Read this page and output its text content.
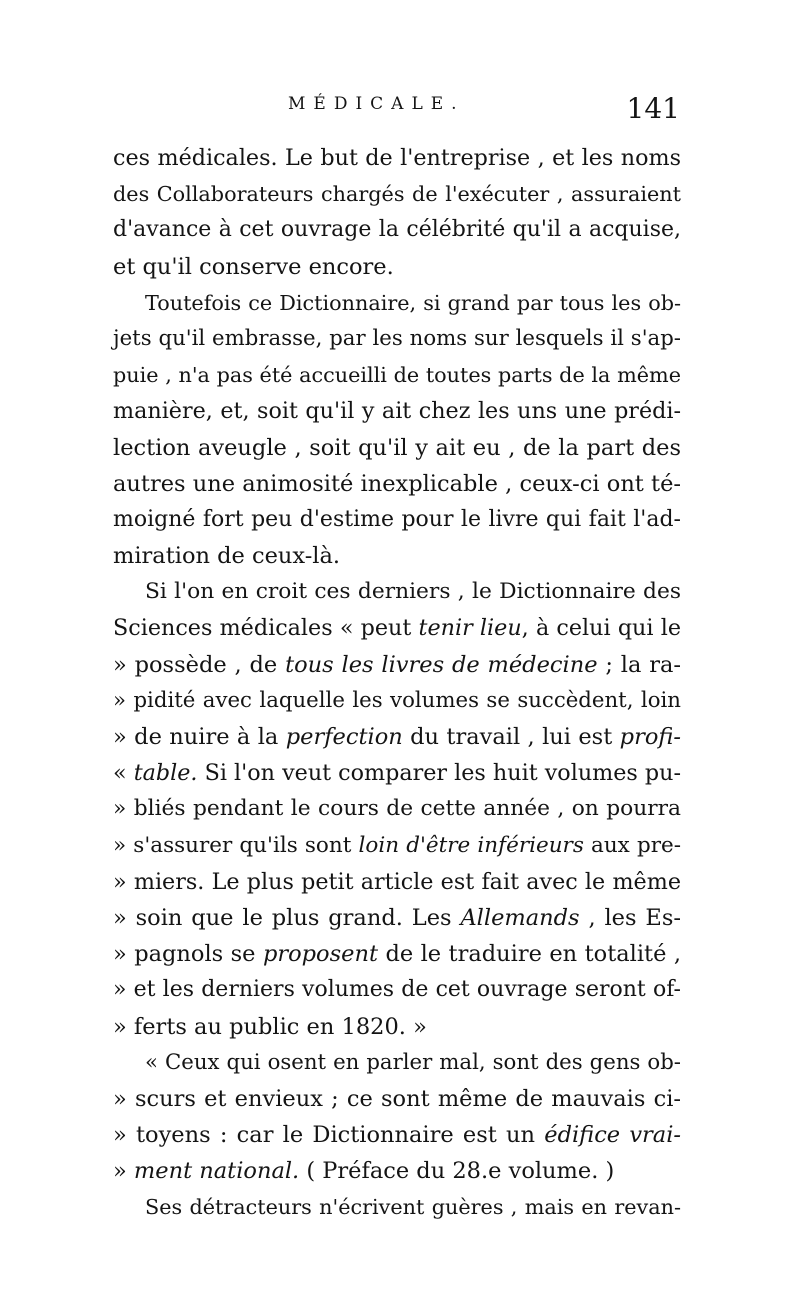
MÉDICALE.	141
ces médicales. Le but de l'entreprise , et les noms
des Collaborateurs chargés de l'exécuter , assuraient
d'avance à cet ouvrage la célébrité qu'il a acquise,
et qu'il conserve encore.
Toutefois ce Dictionnaire, si grand par tous les ob-
jets qu'il embrasse, par les noms sur lesquels il s'ap-
puie , n'a pas été accueilli de toutes parts de la même
manière, et, soit qu'il y ait chez les uns une prédi-
lection aveugle , soit qu'il y ait eu , de la part des
autres une animosité inexplicable , ceux-ci ont té-
moigné fort peu d'estime pour le livre qui fait l'ad-
miration de ceux-là.
Si l'on en croit ces derniers , le Dictionnaire des
Sciences médicales « peut tenir lieu, à celui qui le
» possède , de tous les livres de médecine ; la ra-
» pidité avec laquelle les volumes se succèdent, loin
» de nuire à la perfection du travail , lui est profi-
« table. Si l'on veut comparer les huit volumes pu-
» bliés pendant le cours de cette année , on pourra
» s'assurer qu'ils sont loin d'être inférieurs aux pre-
» miers. Le plus petit article est fait avec le même
» soin que le plus grand. Les Allemands , les Es-
» pagnols se proposent de le traduire en totalité ,
» et les derniers volumes de cet ouvrage seront of-
» ferts au public en 1820. »
« Ceux qui osent en parler mal, sont des gens ob-
» scurs et envieux ; ce sont même de mauvais ci-
» toyens : car le Dictionnaire est un édifice vrai-
» ment national. ( Préface du 28.e volume. )
Ses détracteurs n'écrivent guères , mais en revan-
